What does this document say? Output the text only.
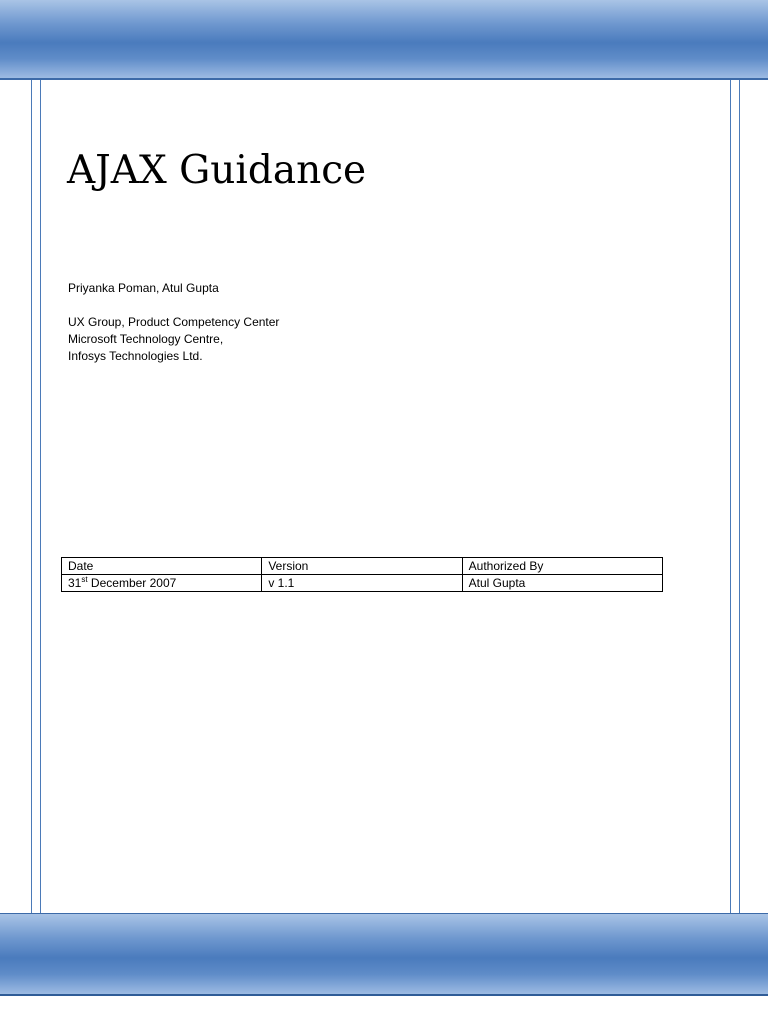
AJAX Guidance
Priyanka Poman, Atul Gupta
UX Group, Product Competency Center
Microsoft Technology Centre,
Infosys Technologies Ltd.
Date	Version	Authorized By
31st December 2007	v 1.1	Atul Gupta
